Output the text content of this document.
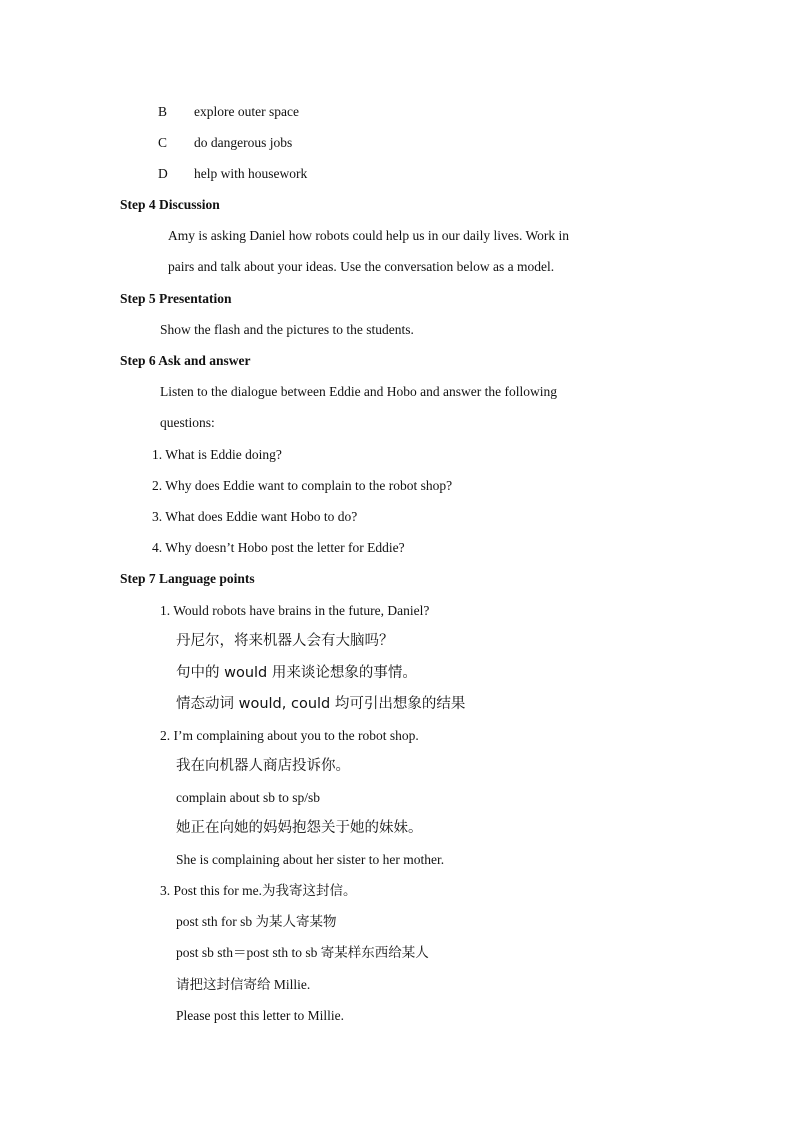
B explore outer space
C do dangerous jobs
D help with housework
Step 4 Discussion
Amy is asking Daniel how robots could help us in our daily lives. Work in
pairs and talk about your ideas. Use the conversation below as a model.
Step 5 Presentation
Show the flash and the pictures to the students.
Step 6 Ask and answer
Listen to the dialogue between Eddie and Hobo and answer the following
questions:
1. What is Eddie doing?
2. Why does Eddie want to complain to the robot shop?
3. What does Eddie want Hobo to do?
4. Why doesn’t Hobo post the letter for Eddie?
Step 7 Language points
1. Would robots have brains in the future, Daniel?
丹尼尔，将来机器人会有大脑吗？
句中的 would 用来谈论想象的事情。
情态动词 would, could 均可引出想象的结果
2. I’m complaining about you to the robot shop.
我在向机器人商店投诉你。
complain about sb to sp/sb
她正在向她的妈妈抱怨关于她的妹妹。
She is complaining about her sister to her mother.
3. Post this for me.为我寄这封信。
post sth for sb 为某人寄某物
post sb sth＝post sth to sb 寄某样东西给某人
请把这封信寄给 Millie.
Please post this letter to Millie.
